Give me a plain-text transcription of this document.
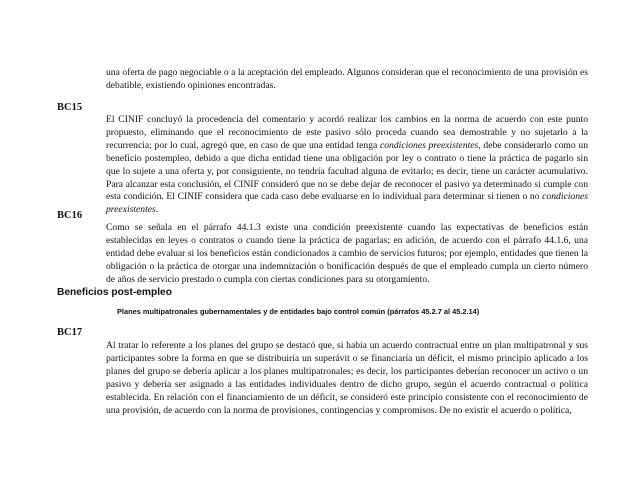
una oferta de pago negociable o a la aceptación del empleado. Algunos consideran que el reconocimiento de una provisión es debatible, existiendo opiniones encontradas.

BC15

El CINIF concluyó la procedencia del comentario y acordó realizar los cambios en la norma de acuerdo con este punto propuesto, eliminando que el reconocimiento de este pasivo sólo proceda cuando sea demostrable y no sujetarlo a la recurrencia; por lo cual, agregó que, en caso de que una entidad tenga condiciones preexistentes, debe considerarlo como un beneficio postempleo, debido a que dicha entidad tiene una obligación por ley o contrato o tiene la práctica de pagarlo sin que lo sujete a una oferta y, por consiguiente, no tendría facultad alguna de evitarlo; es decir, tiene un carácter acumulativo. Para alcanzar esta conclusión, el CINIF consideró que no se debe dejar de reconocer el pasivo ya determinado si cumple con esta condición. El CINIF considera que cada caso debe evaluarse en lo individual para determinar si tienen o no condiciones preexistentes.

BC16

Como se señala en el párrafo 44.1.3 existe una condición preexistente cuando las expectativas de beneficios están establecidas en leyes o contratos o cuando tiene la práctica de pagarlas; en adición, de acuerdo con el párrafo 44.1.6, una entidad debe evaluar si los beneficios están condicionados a cambio de servicios futuros; por ejemplo, entidades que tienen la obligación o la práctica de otorgar una indemnización o bonificación después de que el empleado cumpla un cierto número de años de servicio prestado o cumpla con ciertas condiciones para su otorgamiento.

Beneficios post-empleo

Planes multipatronales gubernamentales y de entidades bajo control común (párrafos 45.2.7 al 45.2.14)

BC17

Al tratar lo referente a los planes del grupo se destacó que, si había un acuerdo contractual entre un plan multipatronal y sus participantes sobre la forma en que se distribuiría un superávit o se financiaría un déficit, el mismo principio aplicado a los planes del grupo se debería aplicar a los planes multipatronales; es decir, los participantes deberían reconocer un activo o un pasivo y debería ser asignado a las entidades individuales dentro de dicho grupo, según el acuerdo contractual o política establecida. En relación con el financiamiento de un déficit, se consideró este principio consistente con el reconocimiento de una provisión, de acuerdo con la norma de provisiones, contingencias y compromisos. De no existir el acuerdo o política,
